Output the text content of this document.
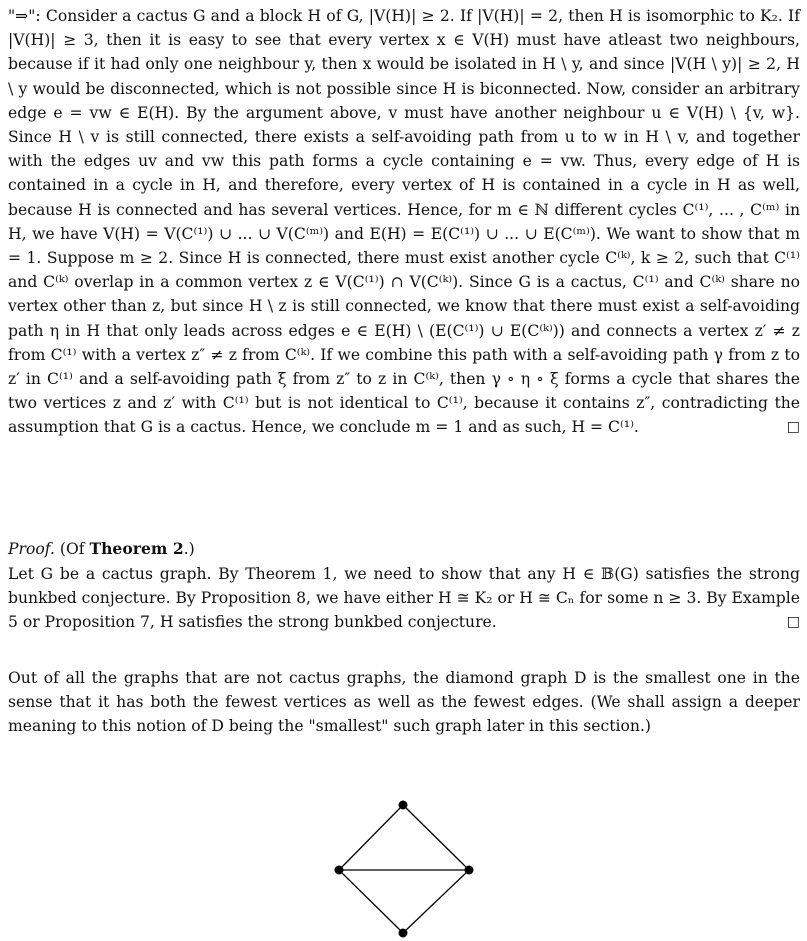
"⇒": Consider a cactus G and a block H of G, |V(H)| ≥ 2. If |V(H)| = 2, then H is isomorphic to K₂. If |V(H)| ≥ 3, then it is easy to see that every vertex x ∈ V(H) must have atleast two neighbours, because if it had only one neighbour y, then x would be isolated in H \ y, and since |V(H \ y)| ≥ 2, H \ y would be disconnected, which is not possible since H is biconnected. Now, consider an arbitrary edge e = vw ∈ E(H). By the argument above, v must have another neighbour u ∈ V(H) \ {v, w}. Since H \ v is still connected, there exists a self-avoiding path from u to w in H \ v, and together with the edges uv and vw this path forms a cycle containing e = vw. Thus, every edge of H is contained in a cycle in H, and therefore, every vertex of H is contained in a cycle in H as well, because H is connected and has several vertices. Hence, for m ∈ ℕ different cycles C⁽¹⁾, ... , C⁽ᵐ⁾ in H, we have V(H) = V(C⁽¹⁾) ∪ ... ∪ V(C⁽ᵐ⁾) and E(H) = E(C⁽¹⁾) ∪ ... ∪ E(C⁽ᵐ⁾). We want to show that m = 1. Suppose m ≥ 2. Since H is connected, there must exist another cycle C⁽ᵏ⁾, k ≥ 2, such that C⁽¹⁾ and C⁽ᵏ⁾ overlap in a common vertex z ∈ V(C⁽¹⁾) ∩ V(C⁽ᵏ⁾). Since G is a cactus, C⁽¹⁾ and C⁽ᵏ⁾ share no vertex other than z, but since H \ z is still connected, we know that there must exist a self-avoiding path η in H that only leads across edges e ∈ E(H) \ (E(C⁽¹⁾) ∪ E(C⁽ᵏ⁾)) and connects a vertex z′ ≠ z from C⁽¹⁾ with a vertex z″ ≠ z from C⁽ᵏ⁾. If we combine this path with a self-avoiding path γ from z to z′ in C⁽¹⁾ and a self-avoiding path ξ from z″ to z in C⁽ᵏ⁾, then γ ∘ η ∘ ξ forms a cycle that shares the two vertices z and z′ with C⁽¹⁾ but is not identical to C⁽¹⁾, because it contains z″, contradicting the assumption that G is a cactus. Hence, we conclude m = 1 and as such, H = C⁽¹⁾.	□

Proof. (Of Theorem 2.)

Let G be a cactus graph. By Theorem 1, we need to show that any H ∈ 𝔹(G) satisfies the strong bunkbed conjecture. By Proposition 8, we have either H ≅ K₂ or H ≅ Cₙ for some n ≥ 3. By Example 5 or Proposition 7, H satisfies the strong bunkbed conjecture.	□

Out of all the graphs that are not cactus graphs, the diamond graph D is the smallest one in the sense that it has both the fewest vertices as well as the fewest edges. (We shall assign a deeper meaning to this notion of D being the "smallest" such graph later in this section.)
